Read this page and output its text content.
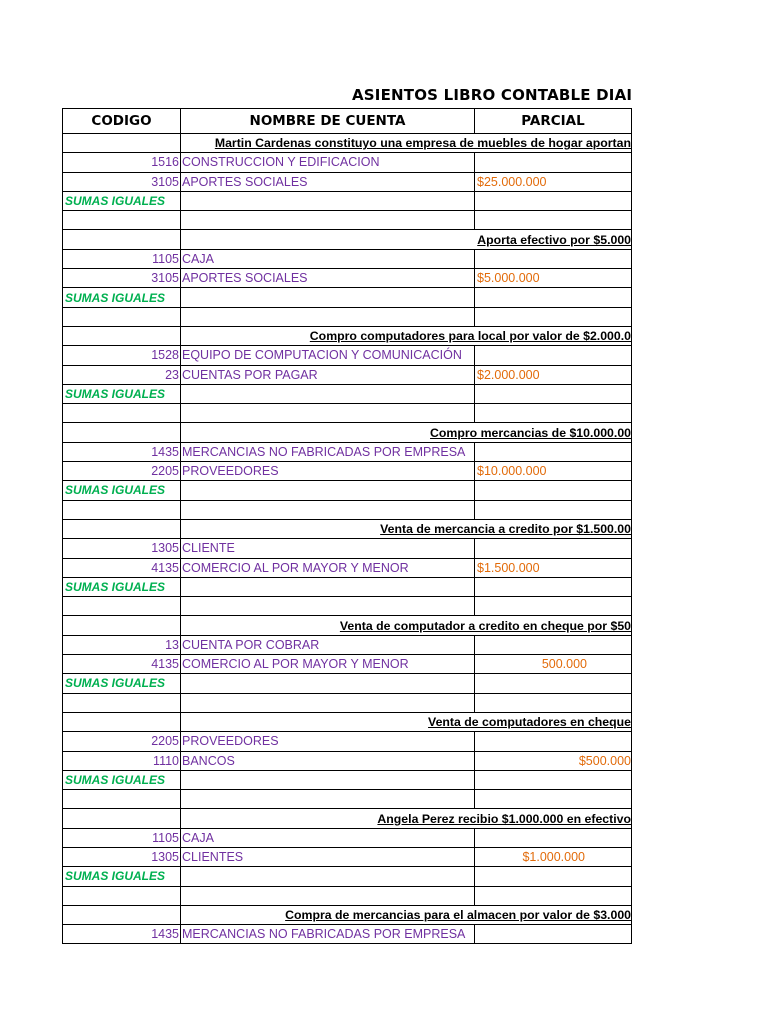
ASIENTOS LIBRO CONTABLE DIAI
CODIGO	NOMBRE DE CUENTA	PARCIAL
	Martin Cardenas constituyo una empresa de muebles de hogar aportan	
1516	CONSTRUCCION Y EDIFICACION	
3105	APORTES SOCIALES	$25.000.000
SUMAS IGUALES		

	Aporta efectivo por $5.000	
1105	CAJA	
3105	APORTES SOCIALES	$5.000.000
SUMAS IGUALES		

	Compro computadores para local por valor de $2.000.0	
1528	EQUIPO DE COMPUTACION Y COMUNICACIÓN	
23	CUENTAS POR PAGAR	$2.000.000
SUMAS IGUALES		

	Compro mercancias de $10.000.00	
1435	MERCANCIAS NO FABRICADAS POR EMPRESA	
2205	PROVEEDORES	$10.000.000
SUMAS IGUALES		

	Venta de mercancia a credito por $1.500.00	
1305	CLIENTE	
4135	COMERCIO AL POR MAYOR Y MENOR	$1.500.000
SUMAS IGUALES		

	Venta de computador a credito en cheque por $50	
13	CUENTA POR COBRAR	
4135	COMERCIO AL POR MAYOR Y MENOR	500.000
SUMAS IGUALES		

	Venta de computadores en cheque	
2205	PROVEEDORES	
1110	BANCOS	$500.000
SUMAS IGUALES		

	Angela Perez recibio $1.000.000 en efectivo	
1105	CAJA	
1305	CLIENTES	$1.000.000
SUMAS IGUALES		

	Compra de mercancias para el almacen por valor de $3.000	
1435	MERCANCIAS NO FABRICADAS POR EMPRESA	
